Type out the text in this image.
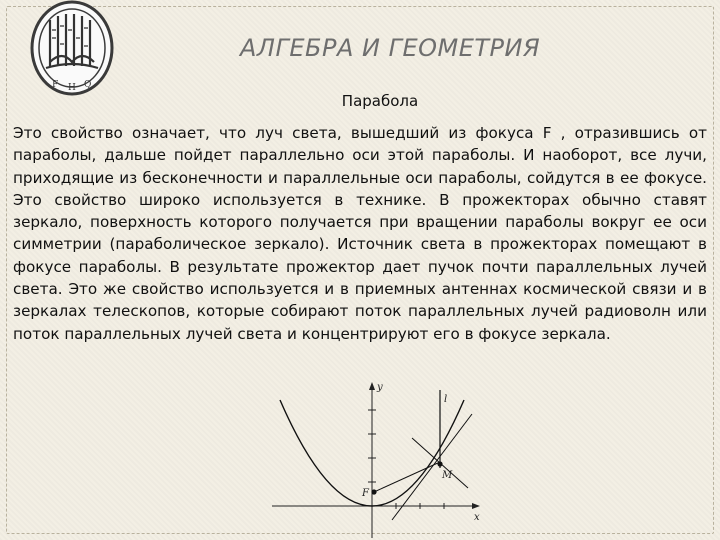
F H Q
АЛГЕБРА И ГЕОМЕТРИЯ
Парабола
Это свойство означает, что луч света, вышедший из фокуса F , отразившись от параболы, дальше пойдет параллельно оси этой параболы. И наоборот, все лучи, приходящие из бесконечности и параллельные оси параболы, сойдутся в ее фокусе. Это свойство широко используется в технике. В прожекторах обычно ставят зеркало, поверхность которого получается при вращении параболы вокруг ее оси симметрии (параболическое зеркало). Источник света в прожекторах помещают в фокусе параболы. В результате прожектор дает пучок почти параллельных лучей света. Это же свойство используется и в приемных антеннах космической связи и в зеркалах телескопов, которые собирают поток параллельных лучей радиоволн или поток параллельных лучей света и концентрируют его в фокусе зеркала.
y
x
l
M
F
